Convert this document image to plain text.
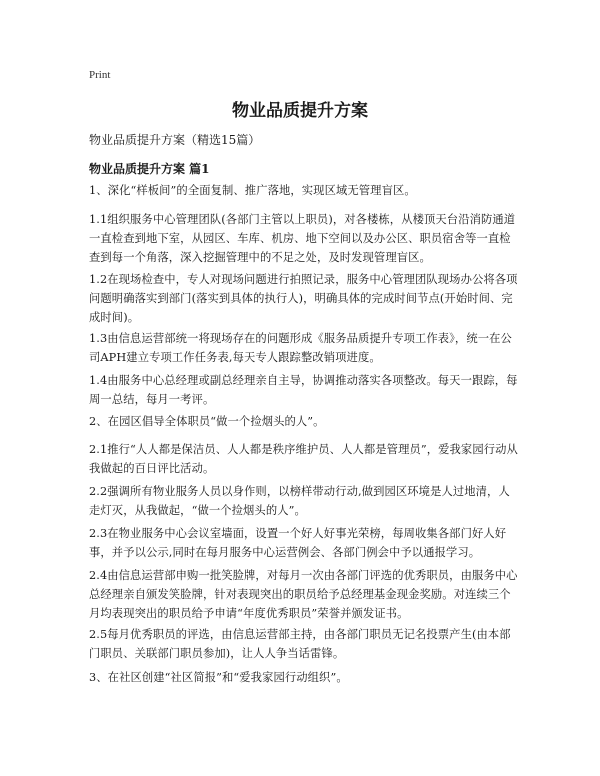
Print
物业品质提升方案
物业品质提升方案（精选15篇）
物业品质提升方案 篇1
1、深化“样板间”的全面复制、推广落地，实现区域无管理盲区。
1.1组织服务中心管理团队(各部门主管以上职员)，对各楼栋，从楼顶天台沿消防通道一直检查到地下室，从园区、车库、机房、地下空间以及办公区、职员宿舍等一直检查到每一个角落，深入挖掘管理中的不足之处，及时发现管理盲区。
1.2在现场检查中，专人对现场问题进行拍照记录，服务中心管理团队现场办公将各项问题明确落实到部门(落实到具体的执行人)，明确具体的完成时间节点(开始时间、完成时间)。
1.3由信息运营部统一将现场存在的问题形成《服务品质提升专项工作表》，统一在公司APH建立专项工作任务表,每天专人跟踪整改销项进度。
1.4由服务中心总经理或副总经理亲自主导，协调推动落实各项整改。每天一跟踪，每周一总结，每月一考评。
2、在园区倡导全体职员“做一个捡烟头的人”。
2.1推行“人人都是保洁员、人人都是秩序维护员、人人都是管理员”，爱我家园行动从我做起的百日评比活动。
2.2强调所有物业服务人员以身作则，以榜样带动行动,做到园区环境是人过地清，人走灯灭，从我做起，“做一个捡烟头的人”。
2.3在物业服务中心会议室墙面，设置一个好人好事光荣榜，每周收集各部门好人好事，并予以公示,同时在每月服务中心运营例会、各部门例会中予以通报学习。
2.4由信息运营部申购一批笑脸牌，对每月一次由各部门评选的优秀职员，由服务中心总经理亲自颁发笑脸牌，针对表现突出的职员给予总经理基金现金奖励。对连续三个月均表现突出的职员给予申请“年度优秀职员”荣誉并颁发证书。
2.5每月优秀职员的评选，由信息运营部主持，由各部门职员无记名投票产生(由本部门职员、关联部门职员参加)，让人人争当话雷锋。
3、在社区创建“社区简报”和“爱我家园行动组织”。
